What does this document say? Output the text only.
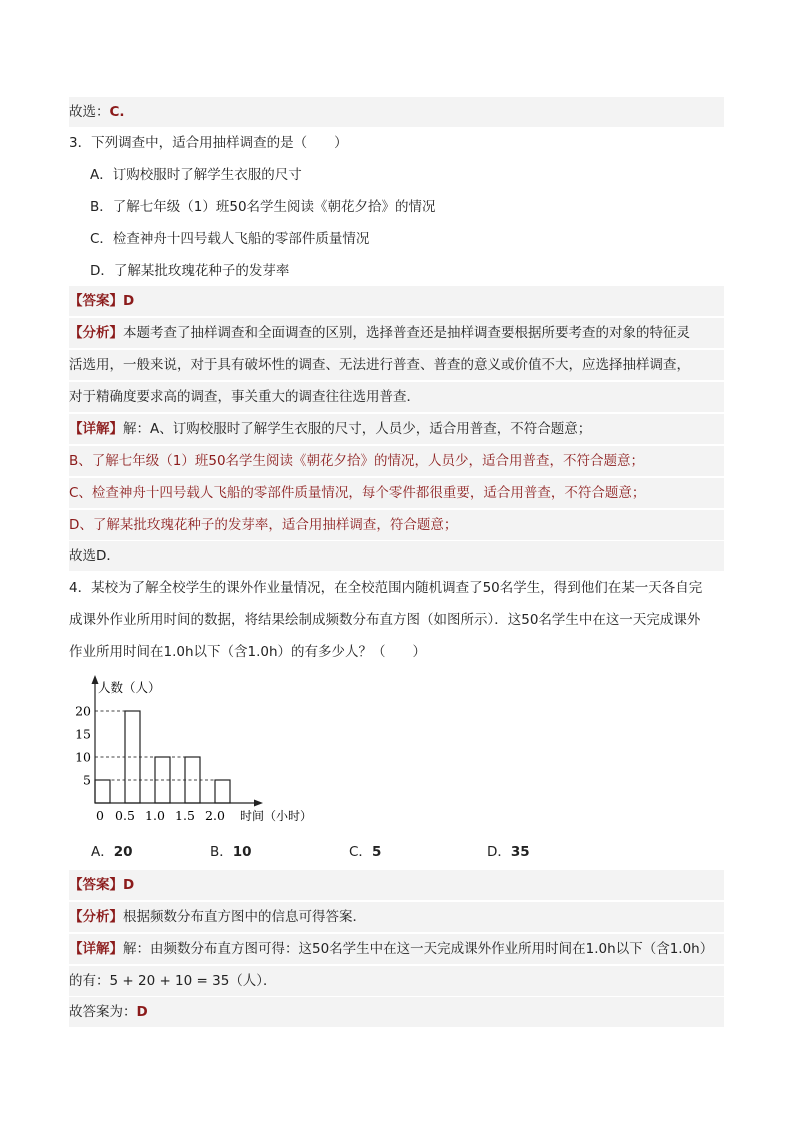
故选：C.
3．下列调查中，适合用抽样调查的是（　　）
A．订购校服时了解学生衣服的尺寸
B．了解七年级（1）班50名学生阅读《朝花夕拾》的情况
C．检查神舟十四号载人飞船的零部件质量情况
D．了解某批玫瑰花种子的发芽率
【答案】D
【分析】本题考查了抽样调查和全面调查的区别，选择普查还是抽样调查要根据所要考查的对象的特征灵
活选用，一般来说，对于具有破坏性的调查、无法进行普查、普查的意义或价值不大，应选择抽样调查，
对于精确度要求高的调查，事关重大的调查往往选用普查．
【详解】解：A、订购校服时了解学生衣服的尺寸，人员少，适合用普查，不符合题意；
B、了解七年级（1）班50名学生阅读《朝花夕拾》的情况，人员少，适合用普查，不符合题意；
C、检查神舟十四号载人飞船的零部件质量情况，每个零件都很重要，适合用普查，不符合题意；
D、了解某批玫瑰花种子的发芽率，适合用抽样调查，符合题意；
故选D．
4．某校为了解全校学生的课外作业量情况，在全校范围内随机调查了50名学生，得到他们在某一天各自完
成课外作业所用时间的数据，将结果绘制成频数分布直方图（如图所示）．这50名学生中在这一天完成课外
作业所用时间在1.0h以下（含1.0h）的有多少人？（　　）
人数（人）
时间（小时）
5
10
15
20
0 0.5 1.0 1.5 2.0
A．20	B．10	C．5	D．35
【答案】D
【分析】根据频数分布直方图中的信息可得答案．
【详解】解：由频数分布直方图可得：这50名学生中在这一天完成课外作业所用时间在1.0h以下（含1.0h）
的有：5 + 20 + 10 = 35（人）．
故答案为：D
